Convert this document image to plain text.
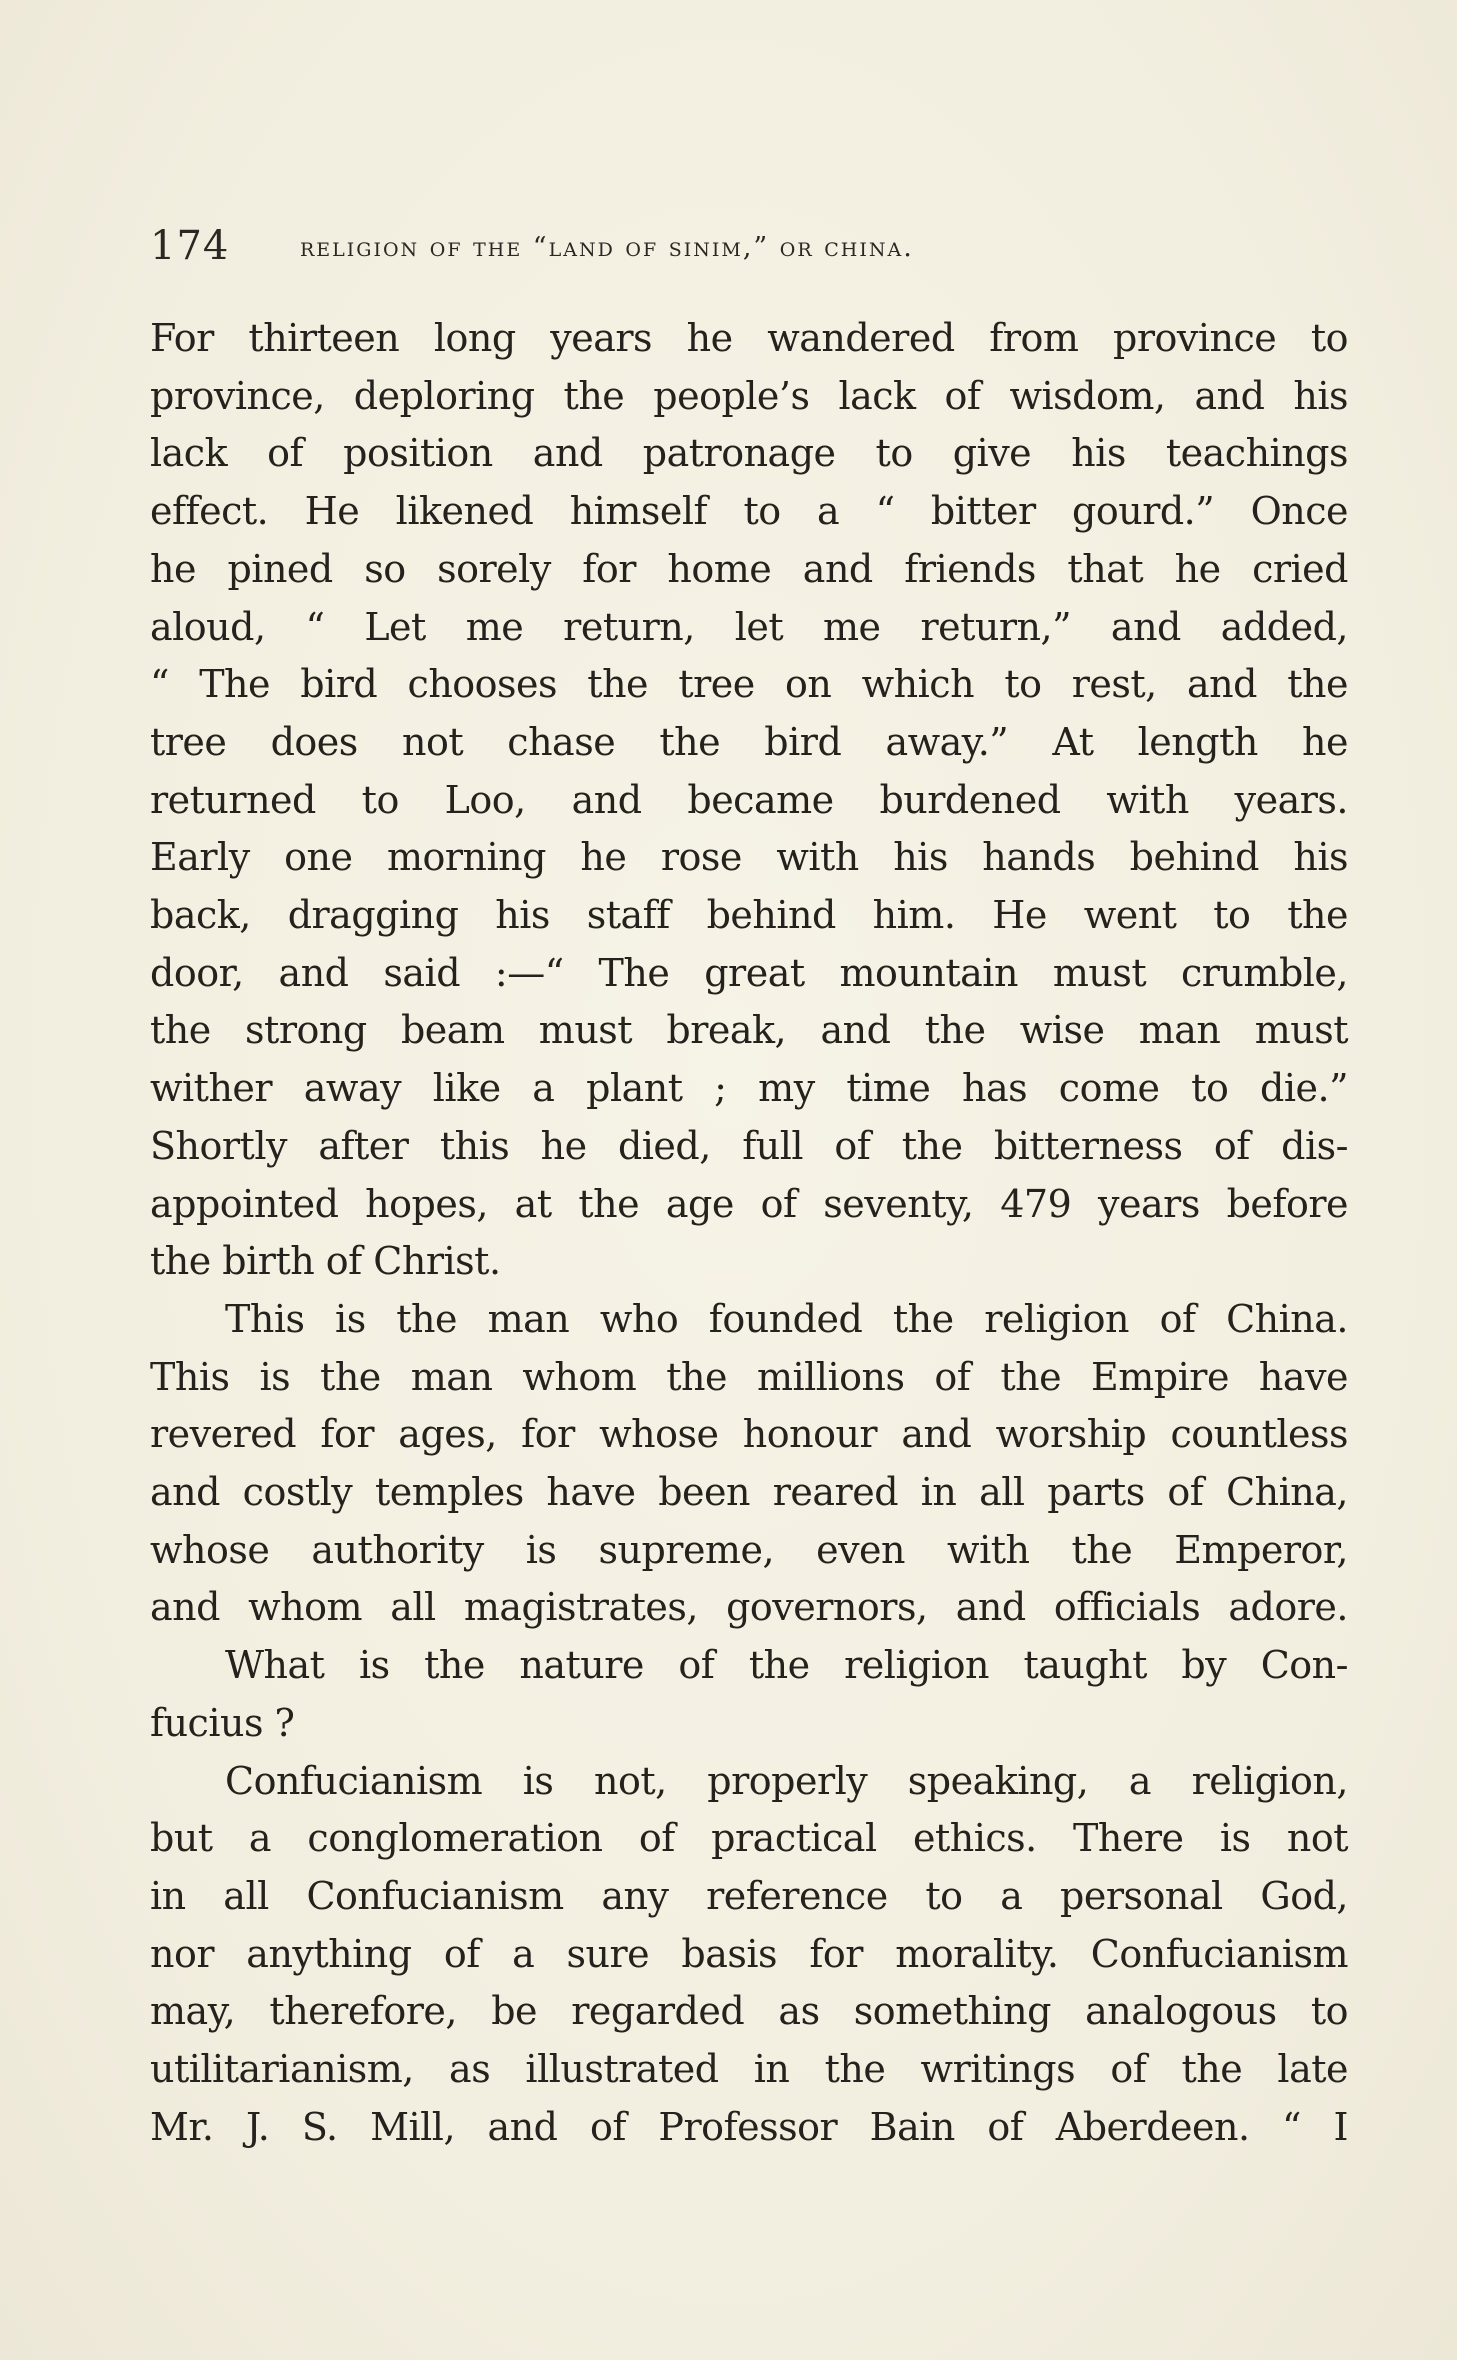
174	religion of the “land of sinim,” or china.
For thirteen long years he wandered from province to
province, deploring the people’s lack of wisdom, and his
lack of position and patronage to give his teachings
effect. He likened himself to a “ bitter gourd.” Once
he pined so sorely for home and friends that he cried
aloud, “ Let me return, let me return,” and added,
“ The bird chooses the tree on which to rest, and the
tree does not chase the bird away.” At length he
returned to Loo, and became burdened with years.
Early one morning he rose with his hands behind his
back, dragging his staff behind him. He went to the
door, and said :—“ The great mountain must crumble,
the strong beam must break, and the wise man must
wither away like a plant ; my time has come to die.”
Shortly after this he died, full of the bitterness of dis-
appointed hopes, at the age of seventy, 479 years before
the birth of Christ.
This is the man who founded the religion of China.
This is the man whom the millions of the Empire have
revered for ages, for whose honour and worship countless
and costly temples have been reared in all parts of China,
whose authority is supreme, even with the Emperor,
and whom all magistrates, governors, and officials adore.
What is the nature of the religion taught by Con-
fucius ?
Confucianism is not, properly speaking, a religion,
but a conglomeration of practical ethics. There is not
in all Confucianism any reference to a personal God,
nor anything of a sure basis for morality. Confucianism
may, therefore, be regarded as something analogous to
utilitarianism, as illustrated in the writings of the late
Mr. J. S. Mill, and of Professor Bain of Aberdeen. “ I
